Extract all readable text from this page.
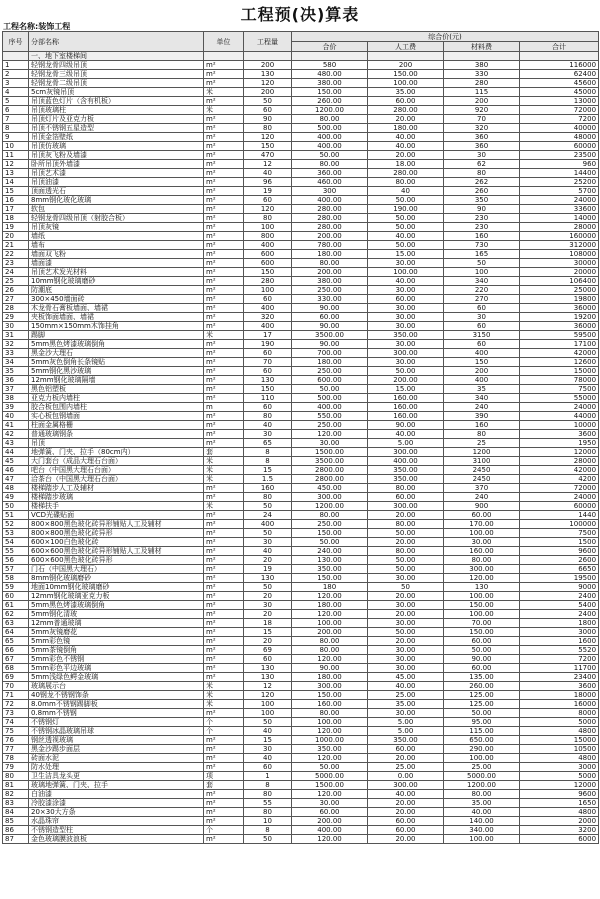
工程预(决)算表
工程名称:装饰工程
序号	分部名称	单位	工程量	综合价(元)			
				合价	人工费	材料费	合计
	一、地下室楼梯间						
1	轻钢龙骨四级吊顶	m²	200	580	200	380	116000
2	轻钢龙骨三级吊顶	m²	130	480.00	150.00	330	62400
3	轻钢龙骨二级吊顶	m²	120	380.00	100.00	280	45600
4	5cm灰镜吊顶	米	200	150.00	35.00	115	45000
5	吊顶蓝色灯片（含有机板）	m²	50	260.00	60.00	200	13000
6	吊顶玻璃柱	米	60	1200.00	280.00	920	72000
7	吊顶灯片及亚克力板	m²	90	80.00	20.00	70	7200
8	吊顶不锈钢五星造型	m²	80	500.00	180.00	320	40000
9	吊顶金箔壁纸	m²	120	400.00	40.00	360	48000
10	吊顶仿玻璃	m²	150	400.00	40.00	360	60000
11	吊顶灰飞粉及墙漆	m²	470	50.00	20.00	30	23500
12	卧所吊顶外墙漆	m²	12	80.00	18.00	62	960
13	吊顶艺术漆	m²	40	360.00	280.00	80	14400
14	吊顶油漆	m²	96	460.00	80.00	262	25200
15	顶面透光石	m²	19	300	40	260	5700
16	8mm钢化玻化玻璃	m²	60	400.00	50.00	350	24000
17	软包	m²	120	280.00	190.00	90	33600
18	轻钢龙骨四级吊顶（射胶合板）	m²	80	280.00	50.00	230	14000
19	吊顶灰镜	m²	100	280.00	50.00	230	28000
20	墙纸	m²	800	200.00	40.00	160	160000
21	墙布	m²	400	780.00	50.00	730	312000
22	墙面双飞粉	m²	600	180.00	15.00	165	108000
23	墙面漆	m²	600	80.00	30.00	50	30000
24	吊顶艺术发光材料	m²	150	200.00	100.00	100	20000
25	10mm钢化玻璃磨砂	m²	280	380.00	40.00	340	106400
26	防潮底	m²	100	250.00	30.00	220	25000
27	300×450墙面砖	m²	60	330.00	60.00	270	19800
28	木龙骨石膏板墙面、墙裙	m²	400	90.00	30.00	60	36000
29	夹板饰面墙面、墙裙	m²	320	60.00	30.00	30	19200
30	150mm×150mm木饰挂角	m²	400	90.00	30.00	60	36000
31	踢脚	米	17	3500.00	350.00	3150	59500
32	5mm黑色烤漆玻璃倒角	m²	190	90.00	30.00	60	17100
33	黑金沙大理石	m²	60	700.00	300.00	400	42000
34	5mm灰色倒角长条镜贴	m²	70	180.00	30.00	150	12600
35	5mm钢化黑沙玻璃	m²	60	250.00	50.00	200	15000
36	12mm钢化玻璃隔墙	m²	130	600.00	200.00	400	78000
37	黑色铝塑板	m²	150	50.00	15.00	35	7500
38	亚克力板内墙柱	m²	110	500.00	160.00	340	55000
39	胶合板包围内墙柱	m	60	400.00	160.00	240	24000
40	实心板包钢墙面	m²	80	550.00	160.00	390	44000
41	柱面金属格栅	m²	40	250.00	90.00	160	10000
42	普通玻璃钢条	m²	30	120.00	40.00	80	3600
43	吊顶	m²	65	30.00	5.00	25	1950
44	地弹簧、门夹、拉手（80cm内）	套	8	1500.00	300.00	1200	12000
45	大门套台（成品大理石台面）	米	8	3500.00	400.00	3100	28000
46	吧台（中国黑大理石台面）	米	15	2800.00	350.00	2450	42000
47	洽茶台（中国黑大理石台面）	米	1.5	2800.00	350.00	2450	4200
48	楼梯踏步人工及辅材	m²	160	450.00	80.00	370	72000
49	楼梯踏步玻璃	m²	80	300.00	60.00	240	24000
50	楼梯扶手	米	50	1200.00	300.00	900	60000
51	VCD光碟贴面	m²	24	80.00	20.00	60.00	1440
52	800×800黑色玻化砖异形铺贴人工及辅材	m²	400	250.00	80.00	170.00	100000
53	800×800黑色玻化砖异形	m²	50	150.00	50.00	100.00	7500
54	600×100白色玻化砖	m²	30	50.00	20.00	30.00	1500
55	600×600黑色玻化砖异形铺贴人工及辅材	m²	40	240.00	80.00	160.00	9600
56	600×600黑色玻化砖异形	m²	20	130.00	50.00	80.00	2600
57	门石（中国黑大理石）	m²	19	350.00	50.00	300.00	6650
58	8mm钢化玻璃磨砂	m²	130	150.00	30.00	120.00	19500
59	地面10mm钢化玻璃磨砂	m²	50	180	50	130	9000
60	12mm钢化玻璃亚克力板	m²	20	120.00	20.00	100.00	2400
61	5mm黑色烤漆玻璃倒角	m²	30	180.00	30.00	150.00	5400
62	5mm钢化清玻	m²	20	120.00	20.00	100.00	2400
63	12mm普通玻璃	m²	18	100.00	30.00	70.00	1800
64	5mm灰镜磨花	m²	15	200.00	50.00	150.00	3000
65	5mm彩色镜	m²	20	80.00	20.00	60.00	1600
66	5mm茶镜倒角	m²	69	80.00	30.00	50.00	5520
67	5mm彩色不锈钢	m²	60	120.00	30.00	90.00	7200
68	5mm彩色平边玻璃	m²	130	90.00	30.00	60.00	11700
69	5mm浅绿色鳄金玻璃	m²	130	180.00	45.00	135.00	23400
70	玻璃展示台	米	12	300.00	40.00	260.00	3600
71	40钢龙不锈钢饰条	米	120	150.00	25.00	125.00	18000
72	8.0mm不锈钢踢脚板	米	100	160.00	35.00	125.00	16000
73	0.8mm不锈钢	m²	100	80.00	30.00	50.00	8000
74	不锈钢灯	个	50	100.00	5.00	95.00	5000
75	不锈钢冰晶玻璃吊球	个	40	120.00	5.00	115.00	4800
76	钢丝透视玻璃	m²	15	1000.00	350.00	650.00	15000
77	黑金沙踢步面层	m²	30	350.00	60.00	290.00	10500
78	砖面水泥	m²	40	120.00	20.00	100.00	4800
79	防水处理	m²	60	50.00	25.00	25.00	3000
80	卫生洁具龙头更	项	1	5000.00	0.00	5000.00	5000
81	玻璃地弹簧、门夹、拉手	套	8	1500.00	300.00	1200.00	12000
82	白油漆	m²	80	120.00	40.00	80.00	9600
83	冷胶漆涂漆	m²	55	30.00	20.00	35.00	1650
84	20×30大方条	m²	80	60.00	20.00	40.00	4800
85	水晶珠帘	m²	10	200.00	60.00	140.00	2000
86	不锈钢造型柱	个	8	400.00	60.00	340.00	3200
87	金色玻璃膜波浪板	m²	50	120.00	20.00	100.00	6000
